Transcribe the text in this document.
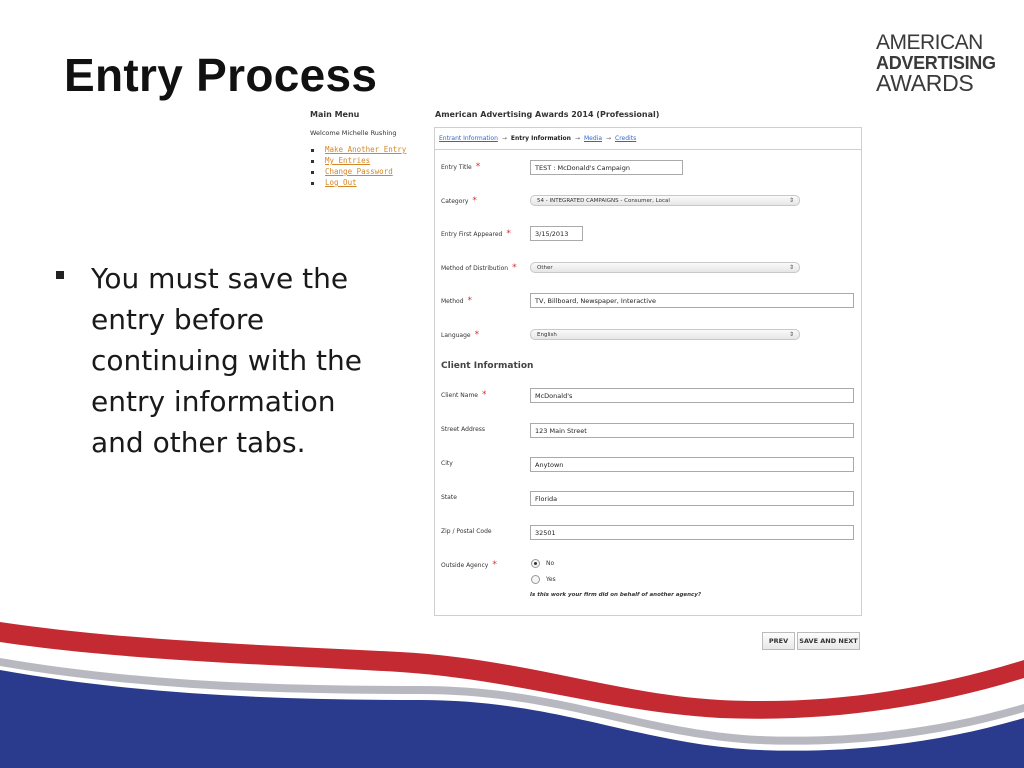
Entry Process
AMERICAN
ADVERTISING
AWARDS
You must save the entry before continuing with the entry information and other tabs.
Main Menu
Welcome Michelle Rushing
Make Another Entry
My Entries
Change Password
Log Out
American Advertising Awards 2014 (Professional)
Entrant Information → Entry Information → Media → Credits
Entry Title *	TEST : McDonald's Campaign
Category *	54 - INTEGRATED CAMPAIGNS - Consumer, Local	⇕
Entry First Appeared *	3/15/2013
Method of Distribution *	Other	⇕
Method *	TV, Billboard, Newspaper, Interactive
Language *	English	⇕
Client Information
Client Name *	McDonald's
Street Address	123 Main Street
City	Anytown
State	Florida
Zip / Postal Code	32501
Outside Agency *	No
Yes
Is this work your firm did on behalf of another agency?
PREV	SAVE AND NEXT
